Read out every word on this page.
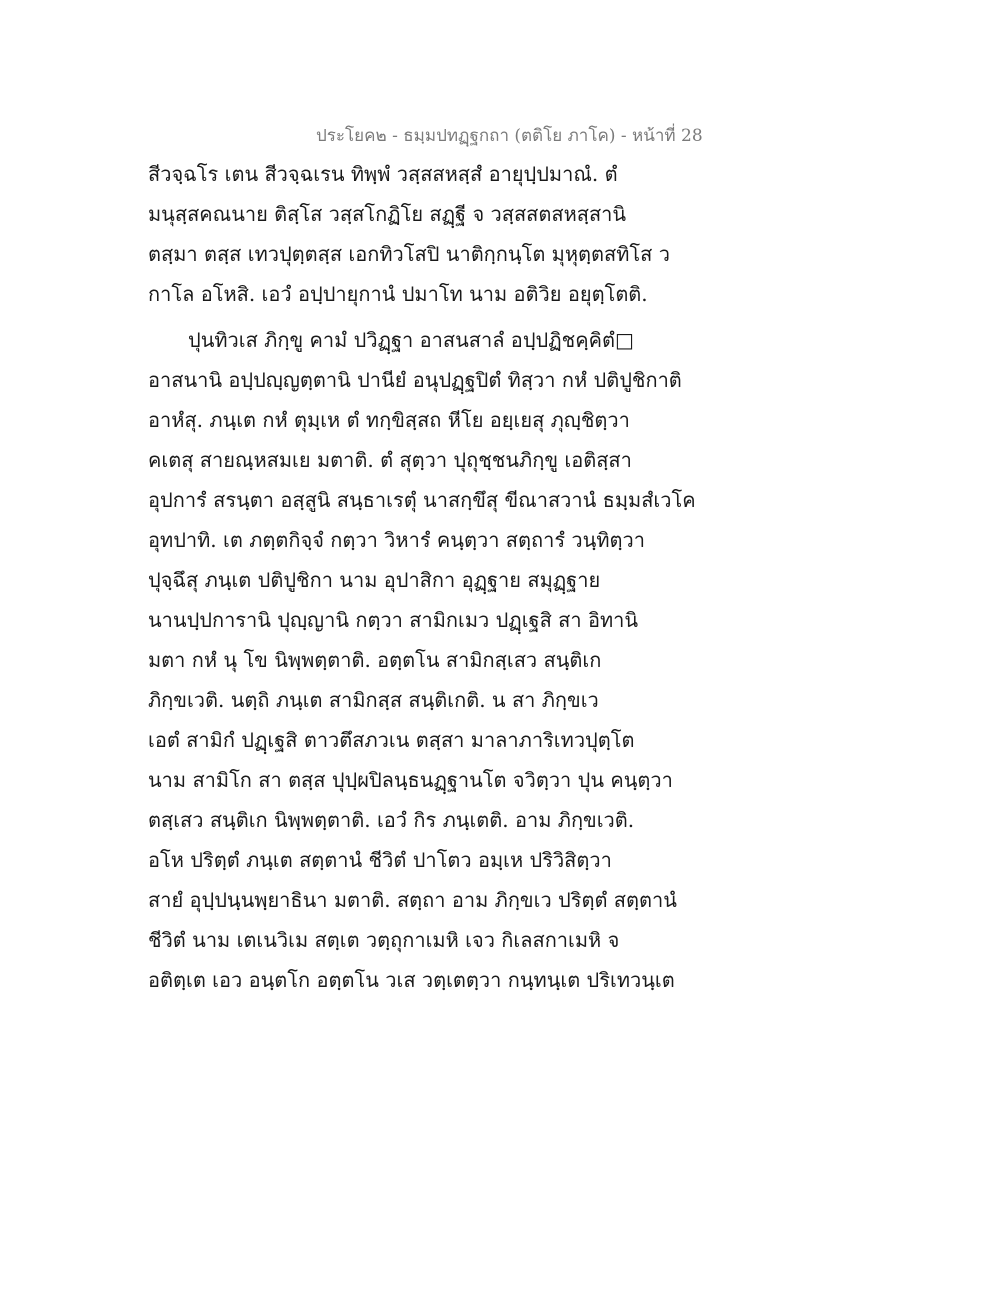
ประโยค๒ - ธมฺมปทฏฺฐกถา (ตติโย ภาโค) - หน้าที่ 28
สีวจฺฉโร เตน สีวจฺฉเรน ทิพฺพํ วสฺสสหสฺสํ อายุปฺปมาณํ. ตํ
มนุสฺสคณนาย ติสฺโส วสฺสโกฏิโย สฏฺฐี จ วสฺสสตสหสฺสานิ
ตสฺมา ตสฺส เทวปุตฺตสฺส เอกทิวโสปิ นาติกฺกนฺโต มุหุตฺตสทิโส ว
กาโล อโหสิ. เอวํ อปฺปายุกานํ ปมาโท นาม อติวิย อยุตฺโตติ.
ปุนทิวเส ภิกฺขู คามํ ปวิฏฺฐา อาสนสาลํ อปฺปฏิชคฺคิตํ□
อาสนานิ อปฺปญฺญตฺตานิ ปานียํ อนุปฏฺฐปิตํ ทิสฺวา กหํ ปติปูชิกาติ
อาหํสุ. ภนฺเต กหํ ตุมฺเห ตํ ทกฺขิสฺสถ หีโย อยฺเยสุ ภุญฺชิตฺวา
คเตสุ สายณฺหสมเย มตาติ. ตํ สุตฺวา ปุถุชฺชนภิกฺขู เอติสฺสา
อุปการํ สรนฺตา อสฺสูนิ สนฺธาเรตุํ นาสกฺขึสุ ขีณาสวานํ ธมฺมสํเวโค
อุทปาทิ. เต ภตฺตกิจฺจํ กตฺวา วิหารํ คนฺตฺวา สตฺถารํ วนฺทิตฺวา
ปุจฺฉึสุ ภนฺเต ปติปูชิกา นาม อุปาสิกา อุฏฺฐาย สมุฏฺฐาย
นานปฺปการานิ ปุญฺญานิ กตฺวา สามิกเมว ปฏฺเฐสิ สา อิทานิ
มตา กหํ นุ โข นิพฺพตฺตาติ. อตฺตโน สามิกสฺเสว สนฺติเก
ภิกฺขเวติ. นตฺถิ ภนฺเต สามิกสฺส สนฺติเกติ. น สา ภิกฺขเว
เอตํ สามิกํ ปฏฺเฐสิ ตาวตึสภวเน ตสฺสา มาลาภาริเทวปุตฺโต
นาม สามิโก สา ตสฺส ปุปฺผปิลนฺธนฏฺฐานโต จวิตฺวา ปุน คนฺตฺวา
ตสฺเสว สนฺติเก นิพฺพตฺตาติ. เอวํ กิร ภนฺเตติ. อาม ภิกฺขเวติ.
อโห ปริตฺตํ ภนฺเต สตฺตานํ ชีวิตํ ปาโตว อมฺเห ปริวิสิตฺวา
สายํ อุปฺปนฺนพฺยาธินา มตาติ. สตฺถา อาม ภิกฺขเว ปริตฺตํ สตฺตานํ
ชีวิตํ นาม เตเนวิเม สตฺเต วตฺถุกาเมหิ เจว กิเลสกาเมหิ จ
อติตฺเต เอว อนฺตโก อตฺตโน วเส วตฺเตตฺวา กนฺทนฺเต ปริเทวนฺเต
